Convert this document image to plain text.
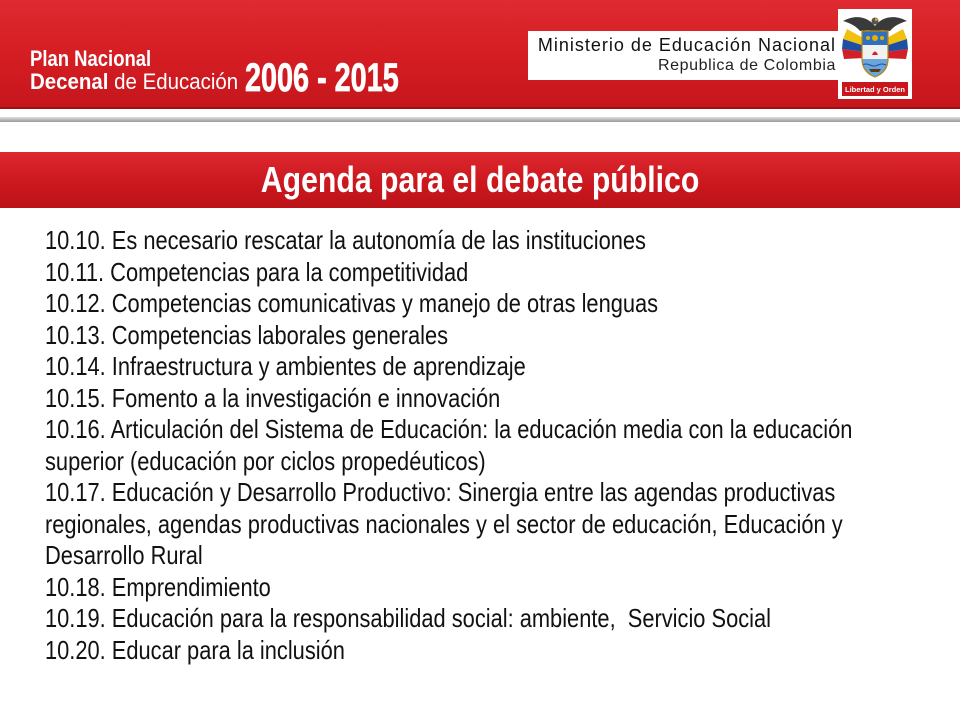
Plan Nacional
Decenal de Educación 2006 - 2015
Ministerio de Educación Nacional
Republica de Colombia
Libertad y Orden
Agenda para el debate público
10.10. Es necesario rescatar la autonomía de las instituciones
10.11. Competencias para la competitividad
10.12. Competencias comunicativas y manejo de otras lenguas
10.13. Competencias laborales generales
10.14. Infraestructura y ambientes de aprendizaje
10.15. Fomento a la investigación e innovación
10.16. Articulación del Sistema de Educación: la educación media con la educación
superior (educación por ciclos propedéuticos)
10.17. Educación y Desarrollo Productivo: Sinergia entre las agendas productivas
regionales, agendas productivas nacionales y el sector de educación, Educación y
Desarrollo Rural
10.18. Emprendimiento
10.19. Educación para la responsabilidad social: ambiente,  Servicio Social
10.20. Educar para la inclusión
